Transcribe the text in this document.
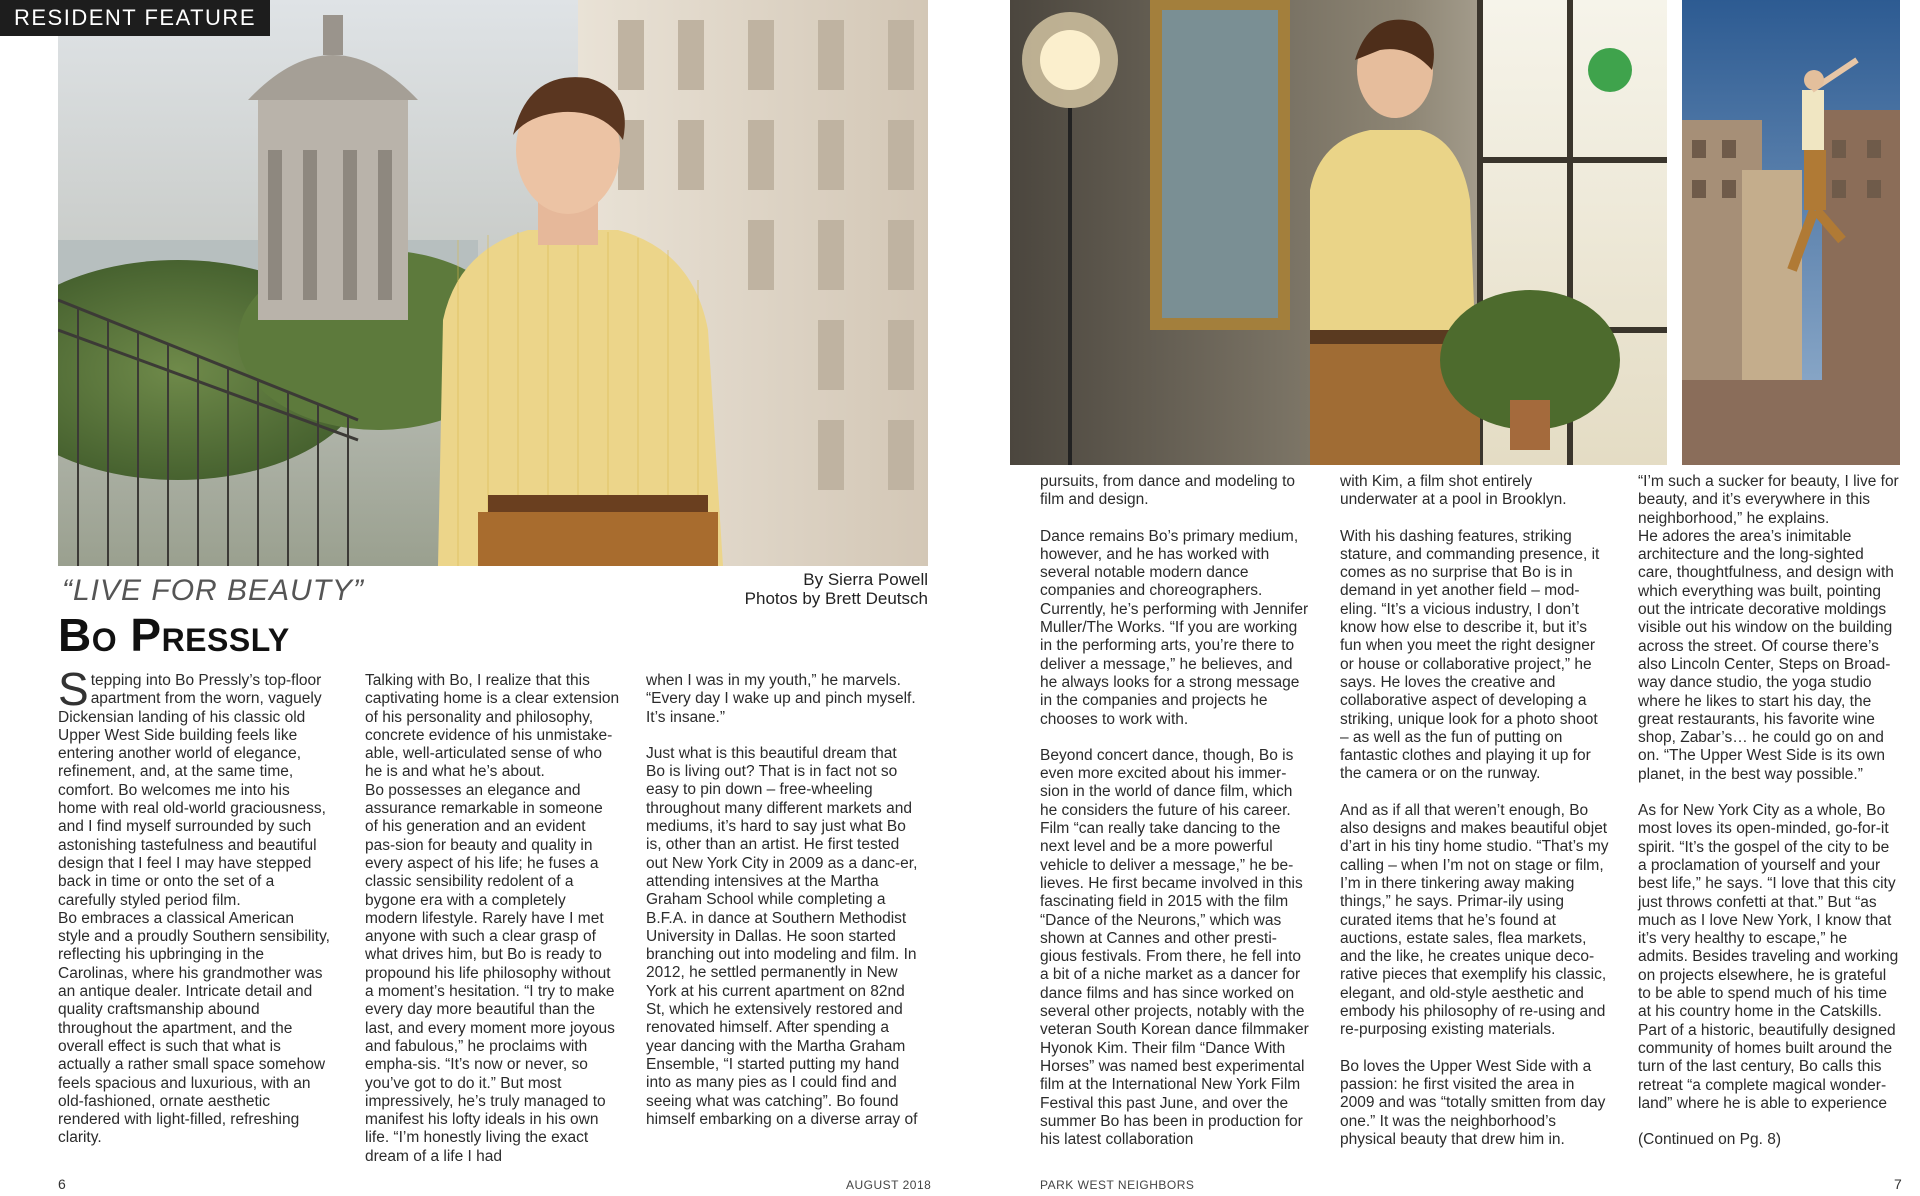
RESIDENT FEATURE
“LIVE FOR BEAUTY”
Bo Pressly
By Sierra Powell
Photos by Brett Deutsch

Stepping into Bo Pressly’s top-floor apartment from the worn, vaguely Dickensian landing of his classic old Upper West Side building feels like entering another world of elegance, refinement, and, at the same time, comfort. Bo welcomes me into his home with real old-world graciousness, and I find myself surrounded by such astonishing tastefulness and beautiful design that I feel I may have stepped back in time or onto the set of a carefully styled period film.

Bo embraces a classical American style and a proudly Southern sensibility, reflecting his upbringing in the Carolinas, where his grandmother was an antique dealer. Intricate detail and quality craftsmanship abound throughout the apartment, and the overall effect is such that what is actually a rather small space somehow feels spacious and luxurious, with an old-fashioned, ornate aesthetic rendered with light-filled, refreshing clarity.

Talking with Bo, I realize that this captivating home is a clear extension of his personality and philosophy, concrete evidence of his unmistake-able, well-articulated sense of who he is and what he’s about.

Bo possesses an elegance and assurance remarkable in someone of his generation and an evident pas-sion for beauty and quality in every aspect of his life; he fuses a classic sensibility redolent of a bygone era with a completely modern lifestyle. Rarely have I met anyone with such a clear grasp of what drives him, but Bo is ready to propound his life philosophy without a moment’s hesitation. “I try to make every day more beautiful than the last, and every moment more joyous and fabulous,” he proclaims with empha-sis. “It’s now or never, so you’ve got to do it.” But most impressively, he’s truly managed to manifest his lofty ideals in his own life. “I’m honestly living the exact dream of a life I had

when I was in my youth,” he marvels. “Every day I wake up and pinch myself. It’s insane.”

Just what is this beautiful dream that Bo is living out? That is in fact not so easy to pin down – free-wheeling throughout many different markets and mediums, it’s hard to say just what Bo is, other than an artist. He first tested out New York City in 2009 as a danc-er, attending intensives at the Martha Graham School while completing a B.F.A. in dance at Southern Methodist University in Dallas. He soon started branching out into modeling and film. In 2012, he settled permanently in New York at his current apartment on 82nd St, which he extensively restored and renovated himself. After spending a year dancing with the Martha Graham Ensemble, “I started putting my hand into as many pies as I could find and seeing what was catching”. Bo found himself embarking on a diverse array of

6	AUGUST 2018

pursuits, from dance and modeling to film and design.

Dance remains Bo’s primary medium, however, and he has worked with several notable modern dance companies and choreographers. Currently, he’s performing with Jennifer Muller/The Works. “If you are working in the performing arts, you’re there to deliver a message,” he believes, and he always looks for a strong message in the companies and projects he chooses to work with.

Beyond concert dance, though, Bo is even more excited about his immer-sion in the world of dance film, which he considers the future of his career. Film “can really take dancing to the next level and be a more powerful vehicle to deliver a message,” he be-lieves. He first became involved in this fascinating field in 2015 with the film “Dance of the Neurons,” which was shown at Cannes and other presti-gious festivals. From there, he fell into a bit of a niche market as a dancer for dance films and has since worked on several other projects, notably with the veteran South Korean dance filmmaker Hyonok Kim. Their film “Dance With Horses” was named best experimental film at the International New York Film Festival this past June, and over the summer Bo has been in production for his latest collaboration

with Kim, a film shot entirely underwater at a pool in Brooklyn.

With his dashing features, striking stature, and commanding presence, it comes as no surprise that Bo is in demand in yet another field – mod-eling. “It’s a vicious industry, I don’t know how else to describe it, but it’s fun when you meet the right designer or house or collaborative project,” he says. He loves the creative and collaborative aspect of developing a striking, unique look for a photo shoot – as well as the fun of putting on fantastic clothes and playing it up for the camera or on the runway.

And as if all that weren’t enough, Bo also designs and makes beautiful objet d’art in his tiny home studio. “That’s my calling – when I’m not on stage or film, I’m in there tinkering away making things,” he says. Primar-ily using curated items that he’s found at auctions, estate sales, flea markets, and the like, he creates unique deco-rative pieces that exemplify his classic, elegant, and old-style aesthetic and embody his philosophy of re-using and re-purposing existing materials.

Bo loves the Upper West Side with a passion: he first visited the area in 2009 and was “totally smitten from day one.” It was the neighborhood’s physical beauty that drew him in.

“I’m such a sucker for beauty, I live for beauty, and it’s everywhere in this neighborhood,” he explains.

He adores the area’s inimitable architecture and the long-sighted care, thoughtfulness, and design with which everything was built, pointing out the intricate decorative moldings visible out his window on the building across the street. Of course there’s also Lincoln Center, Steps on Broad-way dance studio, the yoga studio where he likes to start his day, the great restaurants, his favorite wine shop, Zabar’s… he could go on and on. “The Upper West Side is its own planet, in the best way possible.”

As for New York City as a whole, Bo most loves its open-minded, go-for-it spirit. “It’s the gospel of the city to be a proclamation of yourself and your best life,” he says. “I love that this city just throws confetti at that.” But “as much as I love New York, I know that it’s very healthy to escape,” he admits. Besides traveling and working on projects elsewhere, he is grateful to be able to spend much of his time at his country home in the Catskills. Part of a historic, beautifully designed community of homes built around the turn of the last century, Bo calls this retreat “a complete magical wonder-land” where he is able to experience

(Continued on Pg. 8)

PARK WEST NEIGHBORS	7
